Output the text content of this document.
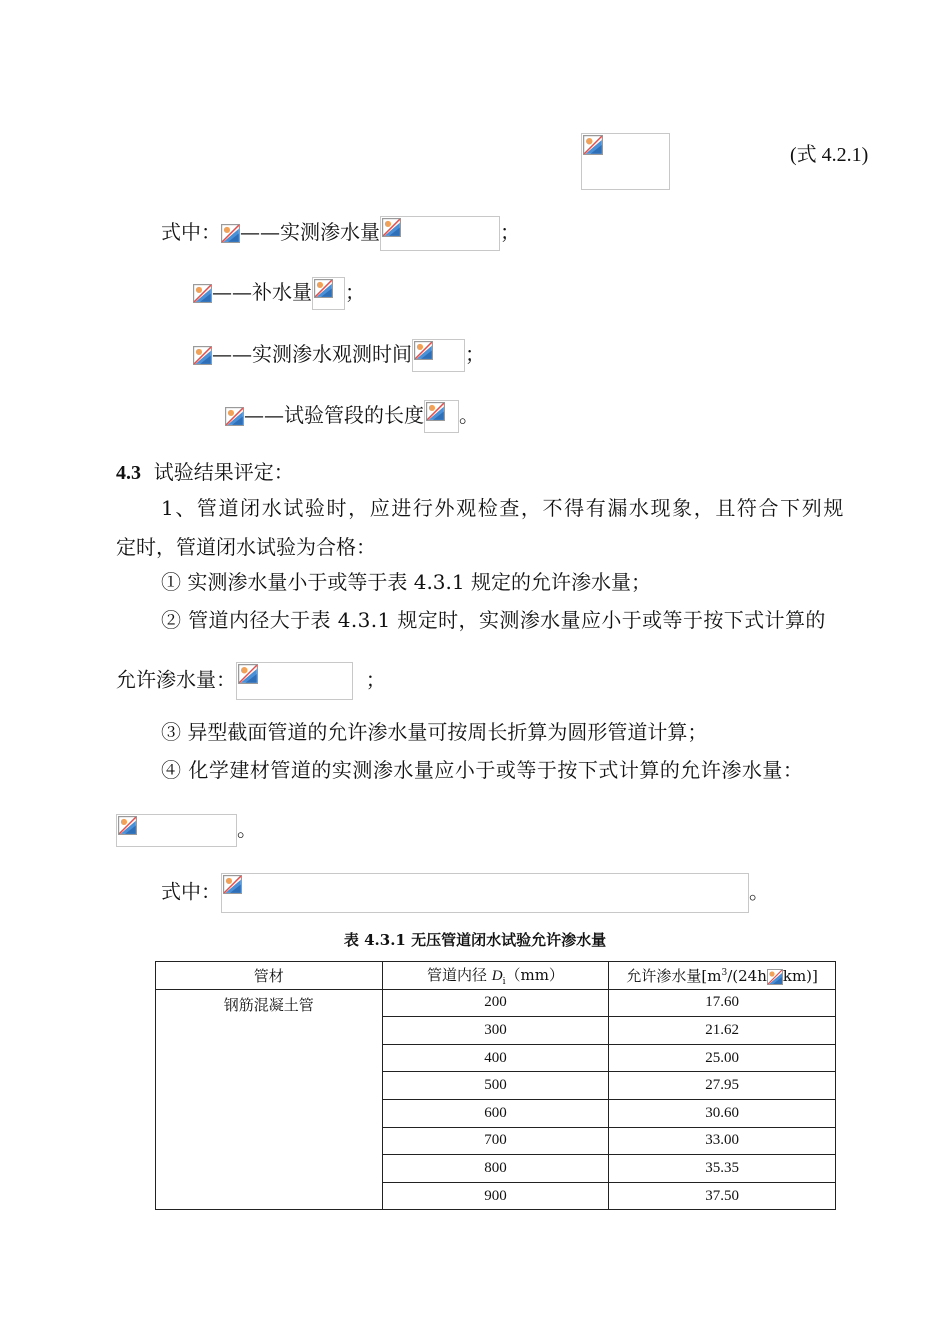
(式 4.2.1)
式中： ——实测渗水量	；
——补水量 ；
——实测渗水观测时间	；
——试验管段的长度 。
4.3 试验结果评定：
1、管道闭水试验时，应进行外观检查，不得有漏水现象，且符合下列规
定时，管道闭水试验为合格：
① 实测渗水量小于或等于表 4.3.1 规定的允许渗水量；
② 管道内径大于表 4.3.1 规定时，实测渗水量应小于或等于按下式计算的
允许渗水量：	；
③ 异型截面管道的允许渗水量可按周长折算为圆形管道计算；
④ 化学建材管道的实测渗水量应小于或等于按下式计算的允许渗水量：
。
式中：	。
表 4.3.1 无压管道闭水试验允许渗水量
管材	管道内径 $D_i(mm)$	允许渗水量[$m^3/(24h$ km)]
钢筋混凝土管	200	17.60
	300	21.62
	400	25.00
	500	27.95
	600	30.60
	700	33.00
	800	35.35
	900	37.50
